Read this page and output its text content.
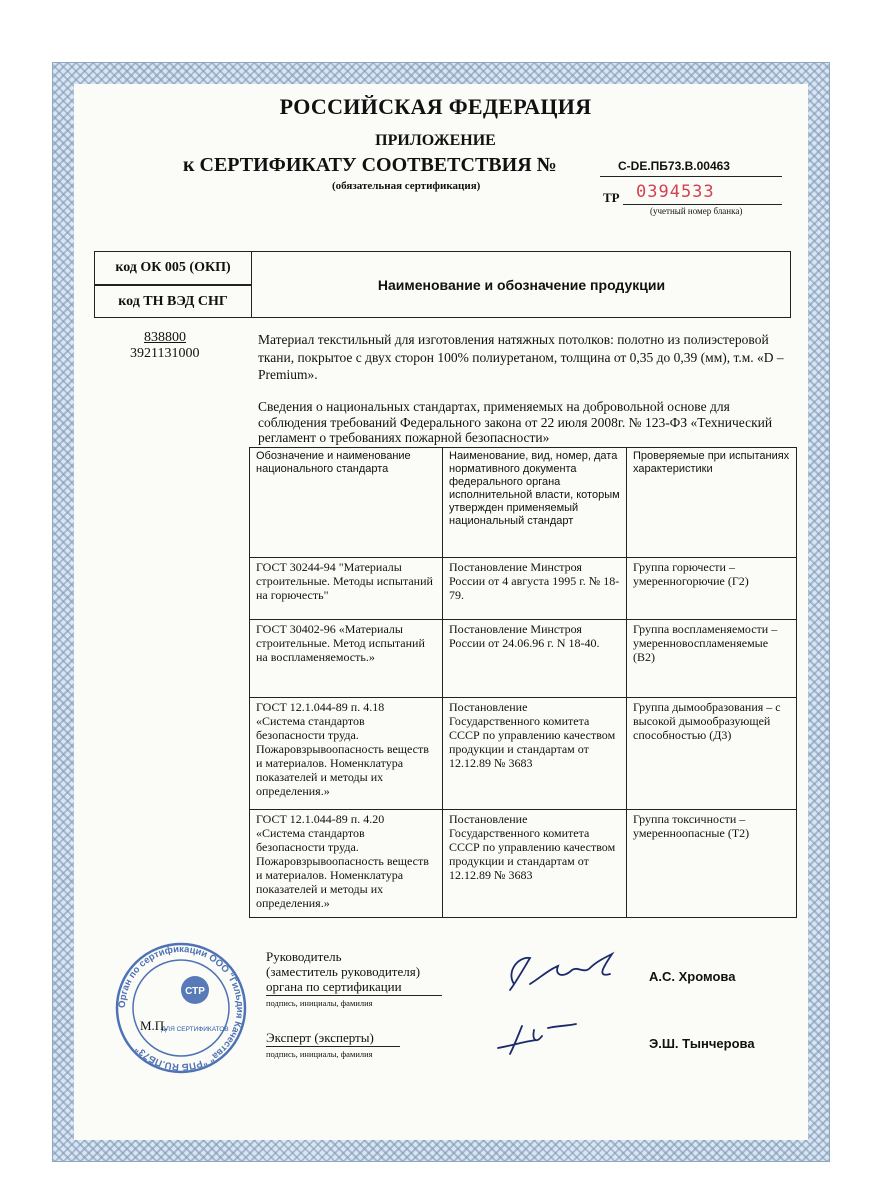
РОССИЙСКАЯ ФЕДЕРАЦИЯ
ПРИЛОЖЕНИЕ
к СЕРТИФИКАТУ СООТВЕТСТВИЯ №	C-DE.ПБ73.В.00463
(обязательная сертификация)
ТР 0394533
(учетный номер бланка)
код ОК 005 (ОКП)
код ТН ВЭД СНГ
Наименование и обозначение продукции
838800
3921131000
Материал текстильный для изготовления натяжных потолков: полотно из полиэстеровой ткани, покрытое с двух сторон 100% полиуретаном, толщина от 0,35 до 0,39 (мм), т.м. «D – Premium».
Сведения о национальных стандартах, применяемых на добровольной основе для соблюдения требований Федерального закона от 22 июля 2008г. № 123-ФЗ «Технический регламент о требованиях пожарной безопасности»
Обозначение и наименование национального стандарта	Наименование, вид, номер, дата нормативного документа федерального органа исполнительной власти, которым утвержден применяемый национальный стандарт	Проверяемые при испытаниях характеристики
ГОСТ 30244-94 "Материалы строительные. Методы испытаний на горючесть"	Постановление Минстроя России от 4 августа 1995 г. № 18-79.	Группа горючести – умеренногорючие (Г2)
ГОСТ 30402-96 «Материалы строительные. Метод испытаний на воспламеняемость.»	Постановление Минстроя России от 24.06.96 г. N 18-40.	Группа воспламеняемости – умеренновоспламеняемые (В2)
ГОСТ 12.1.044-89 п. 4.18 «Система стандартов безопасности труда. Пожаровзрывоопасность веществ и материалов. Номенклатура показателей и методы их определения.»	Постановление Государственного комитета СССР по управлению качеством продукции и стандартам от 12.12.89 № 3683	Группа дымообразования – с высокой дымообразующей способностью (Д3)
ГОСТ 12.1.044-89 п. 4.20 «Система стандартов безопасности труда. Пожаровзрывоопасность веществ и материалов. Номенклатура показателей и методы их определения.»	Постановление Государственного комитета СССР по управлению качеством продукции и стандартам от 12.12.89 № 3683	Группа токсичности – умеренноопасные (Т2)
Орган по сертификации ООО "Гильдия Качества" "РПБ RU.ПБ73"
СТР
ДЛЯ СЕРТИФИКАТОВ
М.П.
Руководитель
(заместитель руководителя)
органа по сертификации
подпись, инициалы, фамилия
А.С. Хромова
Эксперт (эксперты)
подпись, инициалы, фамилия
Э.Ш. Тынчерова
